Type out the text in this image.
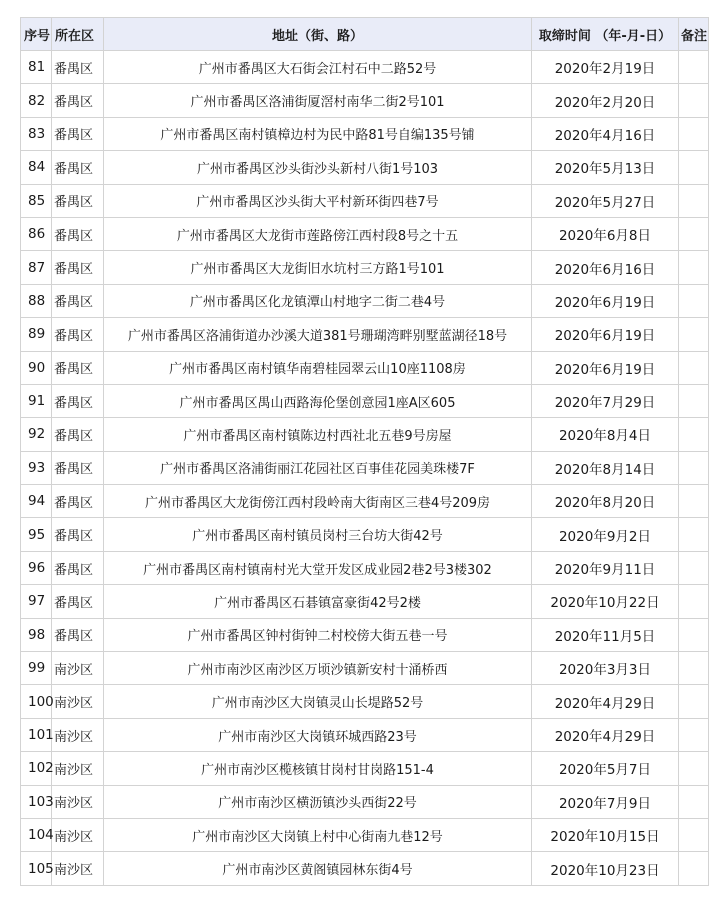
序号	所在区	地址（街、路）	取缔时间 （年-月-日）	备注
81	番禺区	广州市番禺区大石街会江村石中二路52号	2020年2月19日	
82	番禺区	广州市番禺区洛浦街厦滘村南华二街2号101	2020年2月20日	
83	番禺区	广州市番禺区南村镇樟边村为民中路81号自编135号铺	2020年4月16日	
84	番禺区	广州市番禺区沙头街沙头新村八街1号103	2020年5月13日	
85	番禺区	广州市番禺区沙头街大平村新环街四巷7号	2020年5月27日	
86	番禺区	广州市番禺区大龙街市莲路傍江西村段8号之十五	2020年6月8日	
87	番禺区	广州市番禺区大龙街旧水坑村三方路1号101	2020年6月16日	
88	番禺区	广州市番禺区化龙镇潭山村地字二街二巷4号	2020年6月19日	
89	番禺区	广州市番禺区洛浦街道办沙溪大道381号珊瑚湾畔别墅蓝湖径18号	2020年6月19日	
90	番禺区	广州市番禺区南村镇华南碧桂园翠云山10座1108房	2020年6月19日	
91	番禺区	广州市番禺区禺山西路海伦堡创意园1座A区605	2020年7月29日	
92	番禺区	广州市番禺区南村镇陈边村西社北五巷9号房屋	2020年8月4日	
93	番禺区	广州市番禺区洛浦街丽江花园社区百事佳花园美珠楼7F	2020年8月14日	
94	番禺区	广州市番禺区大龙街傍江西村段岭南大街南区三巷4号209房	2020年8月20日	
95	番禺区	广州市番禺区南村镇员岗村三台坊大街42号	2020年9月2日	
96	番禺区	广州市番禺区南村镇南村光大堂开发区成业园2巷2号3楼302	2020年9月11日	
97	番禺区	广州市番禺区石碁镇富豪街42号2楼	2020年10月22日	
98	番禺区	广州市番禺区钟村街钟二村校傍大街五巷一号	2020年11月5日	
99	南沙区	广州市南沙区南沙区万顷沙镇新安村十涌桥西	2020年3月3日	
100	南沙区	广州市南沙区大岗镇灵山长堤路52号	2020年4月29日	
101	南沙区	广州市南沙区大岗镇环城西路23号	2020年4月29日	
102	南沙区	广州市南沙区榄核镇甘岗村甘岗路151-4	2020年5月7日	
103	南沙区	广州市南沙区横沥镇沙头西街22号	2020年7月9日	
104	南沙区	广州市南沙区大岗镇上村中心街南九巷12号	2020年10月15日	
105	南沙区	广州市南沙区黄阁镇园林东街4号	2020年10月23日	
